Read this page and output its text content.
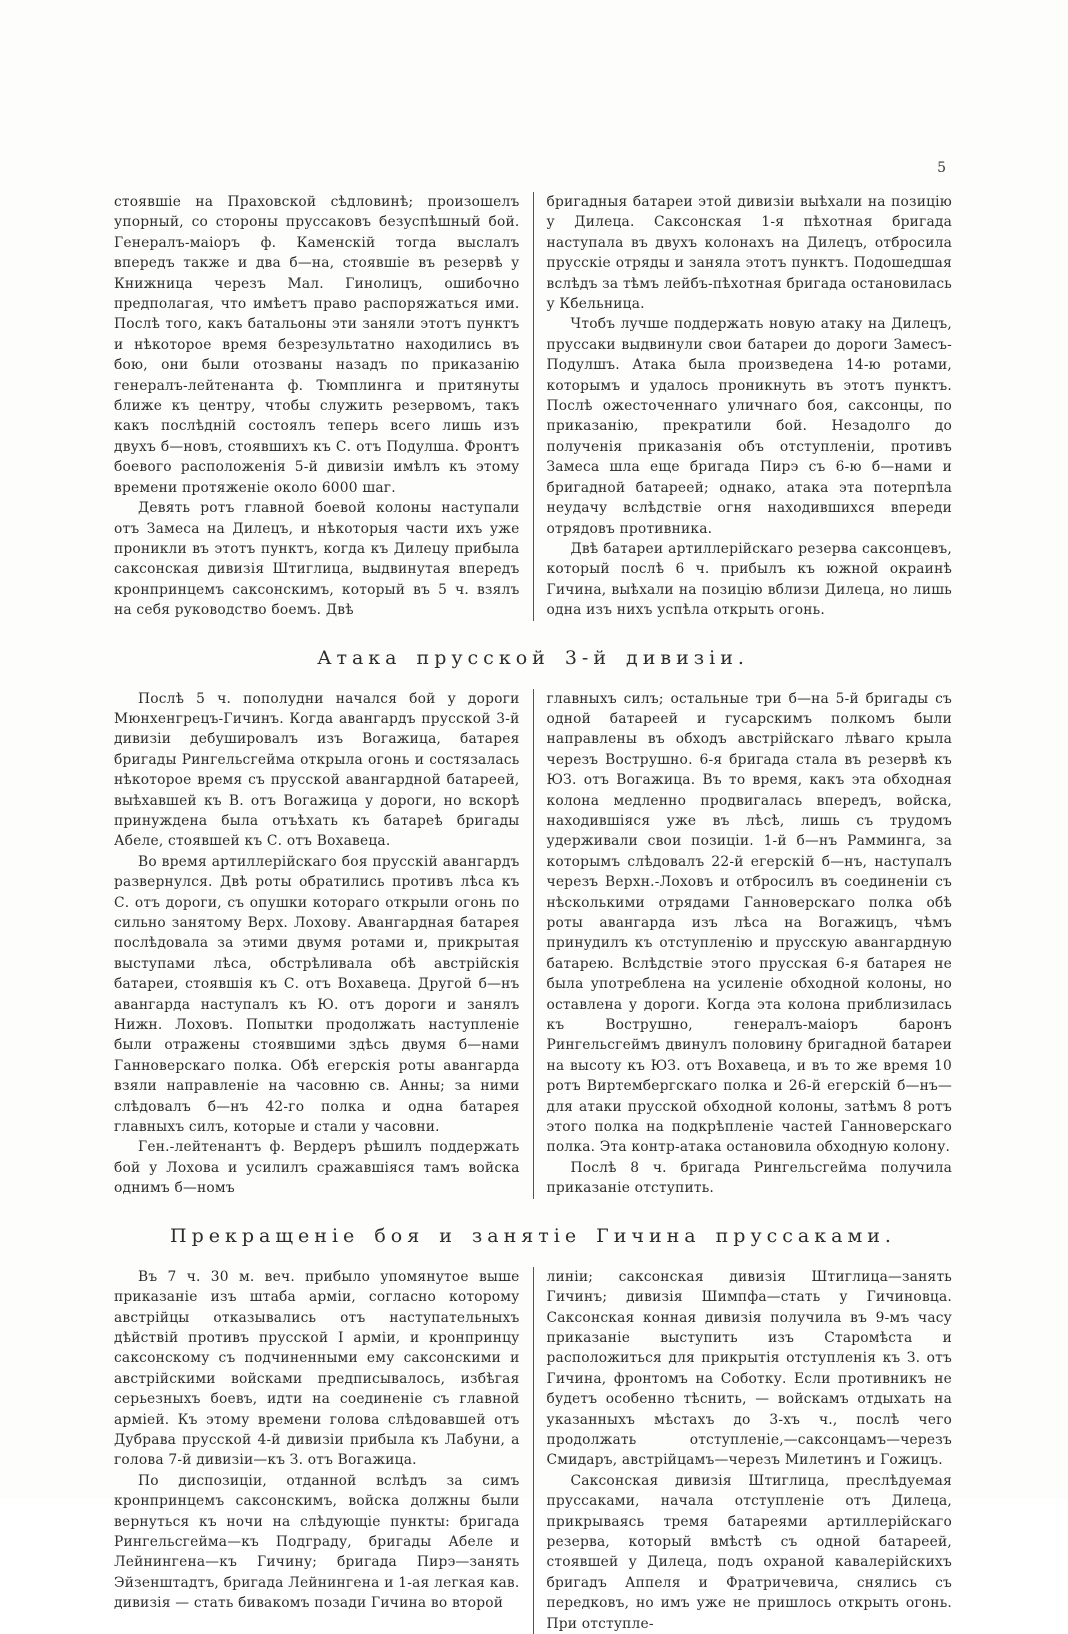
5

стоявшіе на Праховской сѣдловинѣ; произошелъ упорный, со стороны пруссаковъ безуспѣшный бой. Генералъ-маіоръ ф. Каменскій тогда выслалъ впередъ также и два б—на, стоявшіе въ резервѣ у Книжница черезъ Мал. Гинолицъ, ошибочно предполагая, что имѣетъ право распоряжаться ими. Послѣ того, какъ батальоны эти заняли этотъ пунктъ и нѣкоторое время безрезультатно находились въ бою, они были отозваны назадъ по приказанію генералъ-лейтенанта ф. Тюмплинга и притянуты ближе къ центру, чтобы служить резервомъ, такъ какъ послѣдній состоялъ теперь всего лишь изъ двухъ б—новъ, стоявшихъ къ С. отъ Подулша. Фронтъ боевого расположенія 5-й дивизіи имѣлъ къ этому времени протяженіе около 6000 шаг.

Девять ротъ главной боевой колоны наступали отъ Замеса на Дилецъ, и нѣкоторыя части ихъ уже проникли въ этотъ пунктъ, когда къ Дилецу прибыла саксонская дивизія Штиглица, выдвинутая впередъ кронпринцемъ саксонскимъ, который въ 5 ч. взялъ на себя руководство боемъ. Двѣ

бригадныя батареи этой дивизіи выѣхали на позицію у Дилеца. Саксонская 1-я пѣхотная бригада наступала въ двухъ колонахъ на Дилецъ, отбросила прусскіе отряды и заняла этотъ пунктъ. Подошедшая вслѣдъ за тѣмъ лейбъ-пѣхотная бригада остановилась у Кбельница.

Чтобъ лучше поддержать новую атаку на Дилецъ, пруссаки выдвинули свои батареи до дороги Замесъ-Подулшъ. Атака была произведена 14-ю ротами, которымъ и удалось проникнуть въ этотъ пунктъ. Послѣ ожесточеннаго уличнаго боя, саксонцы, по приказанію, прекратили бой. Незадолго до полученія приказанія объ отступленіи, противъ Замеса шла еще бригада Пирэ съ 6-ю б—нами и бригадной батареей; однако, атака эта потерпѣла неудачу вслѣдствіе огня находившихся впереди отрядовъ противника.

Двѣ батареи артиллерійскаго резерва саксонцевъ, который послѣ 6 ч. прибылъ къ южной окраинѣ Гичина, выѣхали на позицію вблизи Дилеца, но лишь одна изъ нихъ успѣла открыть огонь.

Атака прусской 3-й дивизіи.

Послѣ 5 ч. пополудни начался бой у дороги Мюнхенгрецъ-Гичинъ. Когда авангардъ прусской 3-й дивизіи дебушировалъ изъ Вогажица, батарея бригады Рингельсгейма открыла огонь и состязалась нѣкоторое время съ прусской авангардной батареей, выѣхавшей къ В. отъ Вогажица у дороги, но вскорѣ принуждена была отъѣхать къ батареѣ бригады Абеле, стоявшей къ С. отъ Вохавеца.

Во время артиллерійскаго боя прусскій авангардъ развернулся. Двѣ роты обратились противъ лѣса къ С. отъ дороги, съ опушки котораго открыли огонь по сильно занятому Верх. Лохову. Авангардная батарея послѣдовала за этими двумя ротами и, прикрытая выступами лѣса, обстрѣливала обѣ австрійскія батареи, стоявшія къ С. отъ Вохавеца. Другой б—нъ авангарда наступалъ къ Ю. отъ дороги и занялъ Нижн. Лоховъ. Попытки продолжать наступленіе были отражены стоявшими здѣсь двумя б—нами Ганноверскаго полка. Обѣ егерскія роты авангарда взяли направленіе на часовню св. Анны; за ними слѣдовалъ б—нъ 42-го полка и одна батарея главныхъ силъ, которые и стали у часовни.

Ген.-лейтенантъ ф. Вердеръ рѣшилъ поддержать бой у Лохова и усилилъ сражавшіяся тамъ войска однимъ б—номъ

главныхъ силъ; остальные три б—на 5-й бригады съ одной батареей и гусарскимъ полкомъ были направлены въ обходъ австрійскаго лѣваго крыла черезъ Вострушно. 6-я бригада стала въ резервѣ къ ЮЗ. отъ Вогажица. Въ то время, какъ эта обходная колона медленно продвигалась впередъ, войска, находившіяся уже въ лѣсѣ, лишь съ трудомъ удерживали свои позиціи. 1-й б—нъ Рамминга, за которымъ слѣдовалъ 22-й егерскій б—нъ, наступалъ черезъ Верхн.-Лоховъ и отбросилъ въ соединеніи съ нѣсколькими отрядами Ганноверскаго полка обѣ роты авангарда изъ лѣса на Вогажицъ, чѣмъ принудилъ къ отступленію и прусскую авангардную батарею. Вслѣдствіе этого прусская 6-я батарея не была употреблена на усиленіе обходной колоны, но оставлена у дороги. Когда эта колона приблизилась къ Вострушно, генералъ-маіоръ баронъ Рингельсгеймъ двинулъ половину бригадной батареи на высоту къ ЮЗ. отъ Вохавеца, и въ то же время 10 ротъ Виртембергскаго полка и 26-й егерскій б—нъ—для атаки прусской обходной колоны, затѣмъ 8 ротъ этого полка на подкрѣпленіе частей Ганноверскаго полка. Эта контр-атака остановила обходную колону.

Послѣ 8 ч. бригада Рингельсгейма получила приказаніе отступить.

Прекращеніе боя и занятіе Гичина пруссаками.

Въ 7 ч. 30 м. веч. прибыло упомянутое выше приказаніе изъ штаба арміи, согласно которому австрійцы отказывались отъ наступательныхъ дѣйствій противъ прусской I арміи, и кронпринцу саксонскому съ подчиненными ему саксонскими и австрійскими войсками предписывалось, избѣгая серьезныхъ боевъ, идти на соединеніе съ главной арміей. Къ этому времени голова слѣдовавшей отъ Дубрава прусской 4-й дивизіи прибыла къ Лабуни, а голова 7-й дивизіи—къ З. отъ Вогажица.

По диспозиціи, отданной вслѣдъ за симъ кронпринцемъ саксонскимъ, войска должны были вернуться къ ночи на слѣдующіе пункты: бригада Рингельсгейма—къ Подграду, бригады Абеле и Лейнингена—къ Гичину; бригада Пирэ—занять Эйзенштадтъ, бригада Лейнингена и 1-ая легкая кав. дивизія — стать бивакомъ позади Гичина во второй

линіи; саксонская дивизія Штиглица—занять Гичинъ; дивизія Шимпфа—стать у Гичиновца. Саксонская конная дивизія получила въ 9-мъ часу приказаніе выступить изъ Старомѣста и расположиться для прикрытія отступленія къ З. отъ Гичина, фронтомъ на Соботку. Если противникъ не будетъ особенно тѣснить, — войскамъ отдыхать на указанныхъ мѣстахъ до 3-хъ ч., послѣ чего продолжать отступленіе,—саксонцамъ—черезъ Смидаръ, австрійцамъ—черезъ Милетинъ и Гожицъ.

Саксонская дивизія Штиглица, преслѣдуемая пруссаками, начала отступленіе отъ Дилеца, прикрываясь тремя батареями артиллерійскаго резерва, который вмѣстѣ съ одной батареей, стоявшей у Дилеца, подъ охраной кавалерійскихъ бригадъ Аппеля и Фратричевича, снялись съ передковъ, но имъ уже не пришлось открыть огонь. При отступле-
